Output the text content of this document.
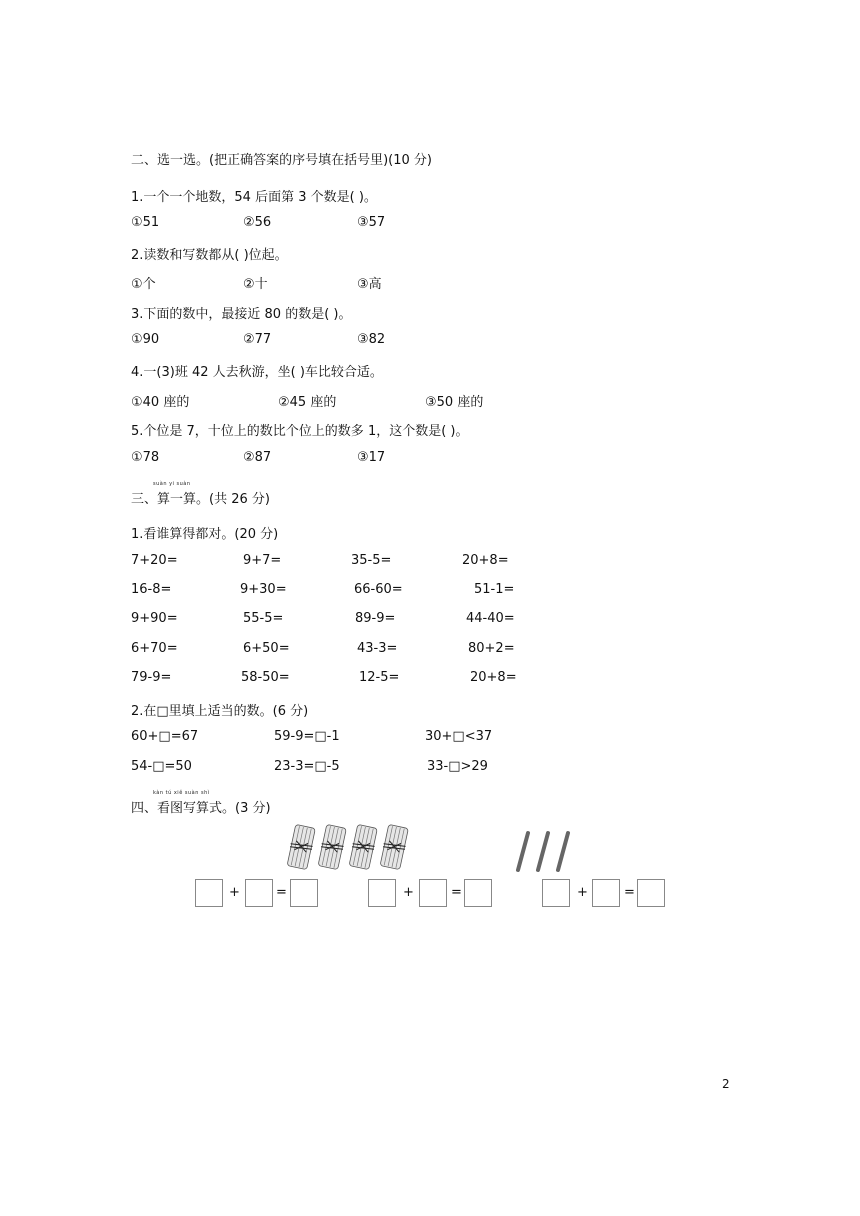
二、选一选。(把正确答案的序号填在括号里)(10 分)
1.一个一个地数，54 后面第 3 个数是( )。
①51	②56	③57
2.读数和写数都从( )位起。
①个	②十	③高
3.下面的数中，最接近 80 的数是( )。
①90	②77	③82
4.一(3)班 42 人去秋游，坐( )车比较合适。
①40 座的	②45 座的	③50 座的
5.个位是 7，十位上的数比个位上的数多 1，这个数是( )。
①78	②87	③17
suàn yi suàn
三、算一算。(共 26 分)
1.看谁算得都对。(20 分)
7+20=	9+7=	35-5=	20+8=
16-8=	9+30=	66-60=	51-1=
9+90=	55-5=	89-9=	44-40=
6+70=	6+50=	43-3=	80+2=
79-9=	58-50=	12-5=	20+8=
2.在□里填上适当的数。(6 分)
60+□=67	59-9=□-1	30+□<37
54-□=50	23-3=□-5	33-□>29
kàn tú xiě suàn shì
四、看图写算式。(3 分)
+	=	+	=	+	=
2
